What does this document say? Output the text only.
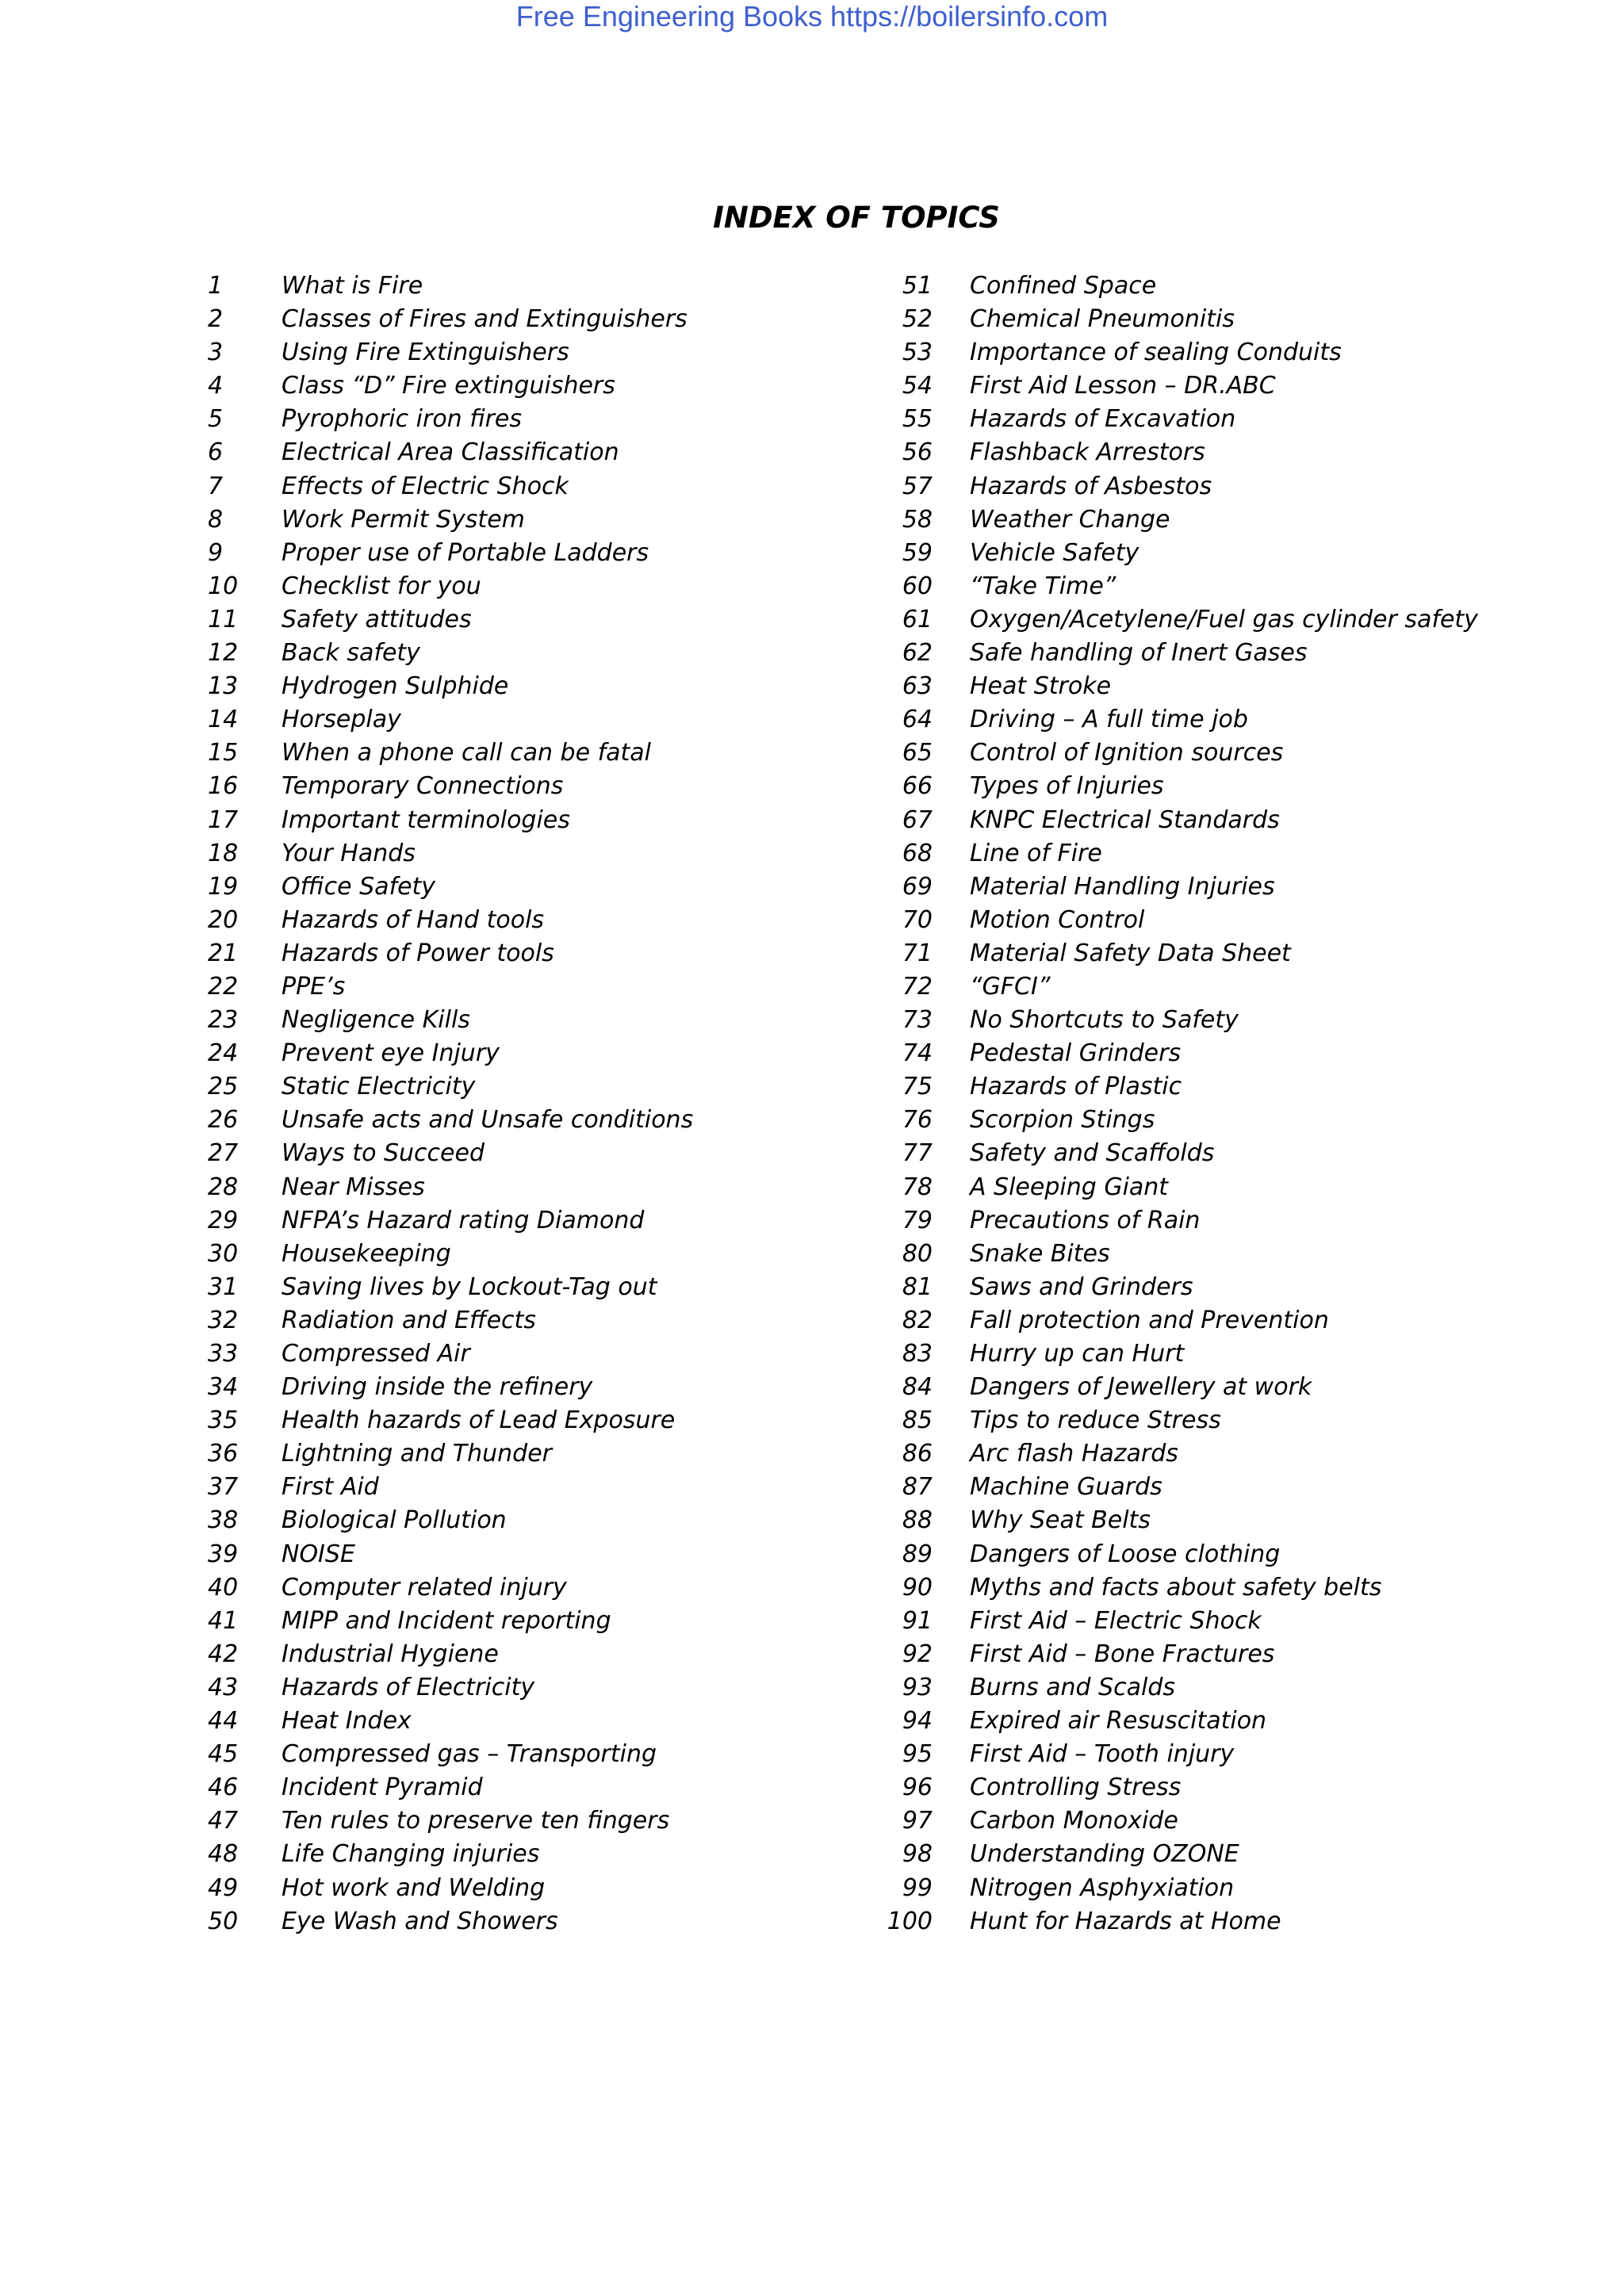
Free Engineering Books https://boilersinfo.com
INDEX OF TOPICS
1	What is Fire
2	Classes of Fires and Extinguishers
3	Using Fire Extinguishers
4	Class “D” Fire extinguishers
5	Pyrophoric iron fires
6	Electrical Area Classification
7	Effects of Electric Shock
8	Work Permit System
9	Proper use of Portable Ladders
10	Checklist for you
11	Safety attitudes
12	Back safety
13	Hydrogen Sulphide
14	Horseplay
15	When a phone call can be fatal
16	Temporary Connections
17	Important terminologies
18	Your Hands
19	Office Safety
20	Hazards of Hand tools
21	Hazards of Power tools
22	PPE’s
23	Negligence Kills
24	Prevent eye Injury
25	Static Electricity
26	Unsafe acts and Unsafe conditions
27	Ways to Succeed
28	Near Misses
29	NFPA’s Hazard rating Diamond
30	Housekeeping
31	Saving lives by Lockout-Tag out
32	Radiation and Effects
33	Compressed Air
34	Driving inside the refinery
35	Health hazards of Lead Exposure
36	Lightning and Thunder
37	First Aid
38	Biological Pollution
39	NOISE
40	Computer related injury
41	MIPP and Incident reporting
42	Industrial Hygiene
43	Hazards of Electricity
44	Heat Index
45	Compressed gas – Transporting
46	Incident Pyramid
47	Ten rules to preserve ten fingers
48	Life Changing injuries
49	Hot work and Welding
50	Eye Wash and Showers
51 Confined Space
52 Chemical Pneumonitis
53 Importance of sealing Conduits
54 First Aid Lesson – DR.ABC
55 Hazards of Excavation
56 Flashback Arrestors
57 Hazards of Asbestos
58 Weather Change
59 Vehicle Safety
60 “Take Time”
61 Oxygen/Acetylene/Fuel gas cylinder safety
62 Safe handling of Inert Gases
63 Heat Stroke
64 Driving – A full time job
65 Control of Ignition sources
66 Types of Injuries
67 KNPC Electrical Standards
68 Line of Fire
69 Material Handling Injuries
70 Motion Control
71 Material Safety Data Sheet
72 “GFCI”
73 No Shortcuts to Safety
74 Pedestal Grinders
75 Hazards of Plastic
76 Scorpion Stings
77 Safety and Scaffolds
78 A Sleeping Giant
79 Precautions of Rain
80 Snake Bites
81 Saws and Grinders
82 Fall protection and Prevention
83 Hurry up can Hurt
84 Dangers of Jewellery at work
85 Tips to reduce Stress
86 Arc flash Hazards
87 Machine Guards
88 Why Seat Belts
89 Dangers of Loose clothing
90 Myths and facts about safety belts
91 First Aid – Electric Shock
92 First Aid – Bone Fractures
93 Burns and Scalds
94 Expired air Resuscitation
95 First Aid – Tooth injury
96 Controlling Stress
97 Carbon Monoxide
98 Understanding OZONE
99 Nitrogen Asphyxiation
100 Hunt for Hazards at Home
